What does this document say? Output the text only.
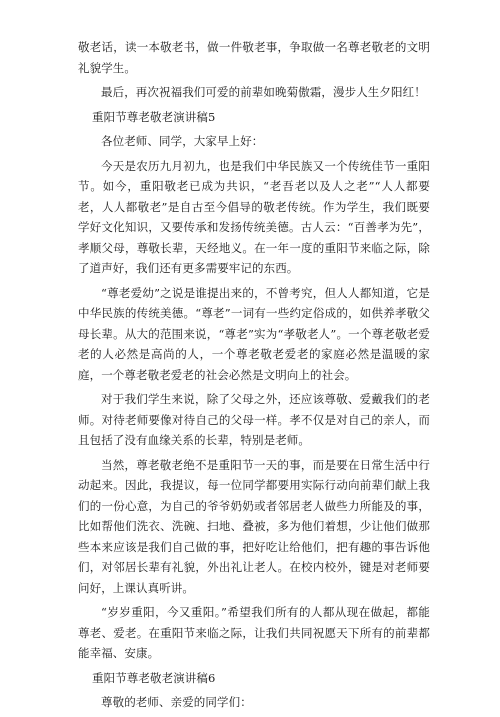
敬老话，读一本敬老书，做一件敬老事，争取做一名尊老敬老的文明礼貌学生。

最后，再次祝福我们可爱的前辈如晚菊傲霜，漫步人生夕阳红！

重阳节尊老敬老演讲稿5

各位老师、同学，大家早上好：

今天是农历九月初九，也是我们中华民族又一个传统佳节一重阳节。如今，重阳敬老已成为共识，“老吾老以及人之老”“人人都要老，人人都敬老”是自古至今倡导的敬老传统。作为学生，我们既要学好文化知识，又要传承和发扬传统美德。古人云：“百善孝为先”，孝顺父母，尊敬长辈，天经地义。在一年一度的重阳节来临之际，除了道声好，我们还有更多需要牢记的东西。

“尊老爱幼”之说是谁提出来的，不曾考究，但人人都知道，它是中华民族的传统美德。“尊老”一词有一些约定俗成的，如供养孝敬父母长辈。从大的范围来说，“尊老”实为“孝敬老人”。一个尊老敬老爱老的人必然是高尚的人，一个尊老敬老爱老的家庭必然是温暖的家庭，一个尊老敬老爱老的社会必然是文明向上的社会。

对于我们学生来说，除了父母之外，还应该尊敬、爱戴我们的老师。对待老师要像对待自己的父母一样。孝不仅是对自己的亲人，而且包括了没有血缘关系的长辈，特别是老师。

当然，尊老敬老绝不是重阳节一天的事，而是要在日常生活中行动起来。因此，我提议，每一位同学都要用实际行动向前辈们献上我们的一份心意，为自己的爷爷奶奶或者邻居老人做些力所能及的事，比如帮他们洗衣、洗碗、扫地、叠被，多为他们着想，少让他们做那些本来应该是我们自己做的事，把好吃让给他们，把有趣的事告诉他们，对邻居长辈有礼貌，外出礼让老人。在校内校外，键是对老师要问好，上课认真听讲。

“岁岁重阳，今又重阳。”希望我们所有的人都从现在做起，都能尊老、爱老。在重阳节来临之际，让我们共同祝愿天下所有的前辈都能幸福、安康。

重阳节尊老敬老演讲稿6

尊敬的老师、亲爱的同学们：
